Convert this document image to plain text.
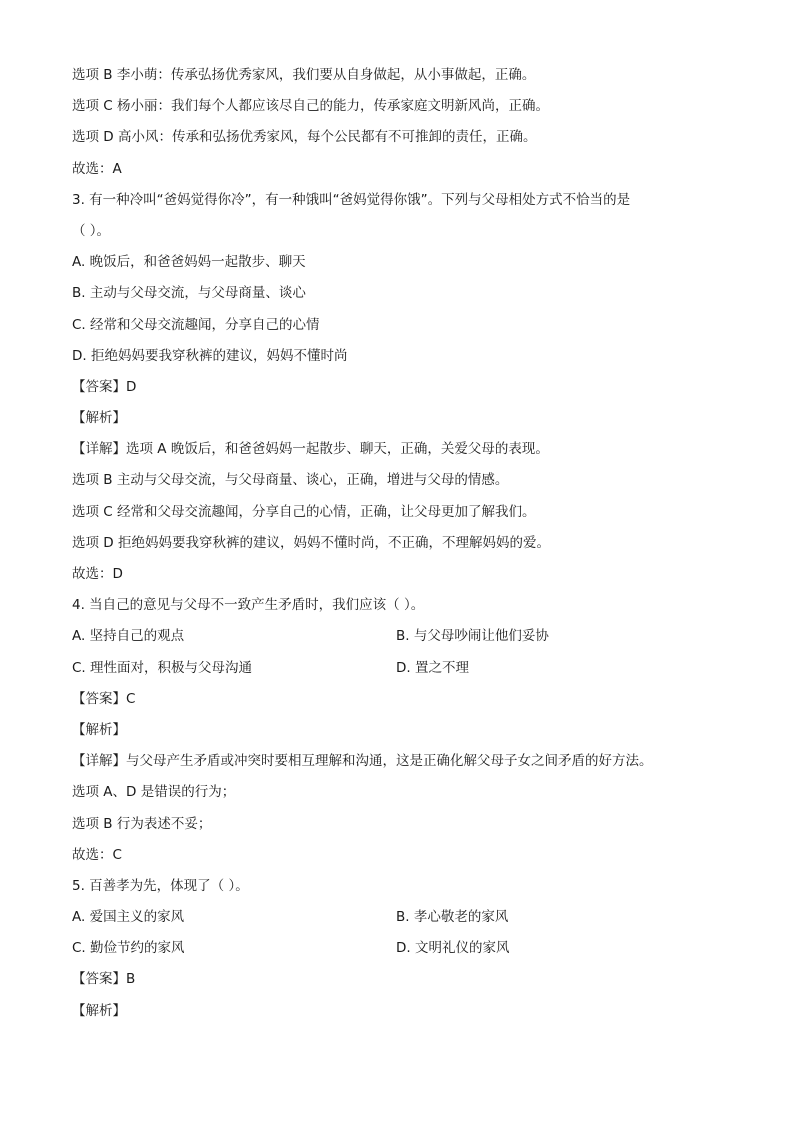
选项 B 李小萌：传承弘扬优秀家风，我们要从自身做起，从小事做起，正确。
选项 C 杨小丽：我们每个人都应该尽自己的能力，传承家庭文明新风尚，正确。
选项 D 高小风：传承和弘扬优秀家风，每个公民都有不可推卸的责任，正确。
故选：A
3. 有一种冷叫“爸妈觉得你冷”，有一种饿叫“爸妈觉得你饿”。下列与父母相处方式不恰当的是
（ ）。
A. 晚饭后，和爸爸妈妈一起散步、聊天
B. 主动与父母交流，与父母商量、谈心
C. 经常和父母交流趣闻，分享自己的心情
D. 拒绝妈妈要我穿秋裤的建议，妈妈不懂时尚
【答案】D
【解析】
【详解】选项 A 晚饭后，和爸爸妈妈一起散步、聊天，正确，关爱父母的表现。
选项 B 主动与父母交流，与父母商量、谈心，正确，增进与父母的情感。
选项 C 经常和父母交流趣闻，分享自己的心情，正确，让父母更加了解我们。
选项 D 拒绝妈妈要我穿秋裤的建议，妈妈不懂时尚，不正确，不理解妈妈的爱。
故选：D
4. 当自己的意见与父母不一致产生矛盾时，我们应该（ ）。
A. 坚持自己的观点	B. 与父母吵闹让他们妥协
C. 理性面对，积极与父母沟通	D. 置之不理
【答案】C
【解析】
【详解】与父母产生矛盾或冲突时要相互理解和沟通，这是正确化解父母子女之间矛盾的好方法。
选项 A、D 是错误的行为；
选项 B 行为表述不妥；
故选：C
5. 百善孝为先，体现了（ ）。
A. 爱国主义的家风	B. 孝心敬老的家风
C. 勤俭节约的家风	D. 文明礼仪的家风
【答案】B
【解析】
